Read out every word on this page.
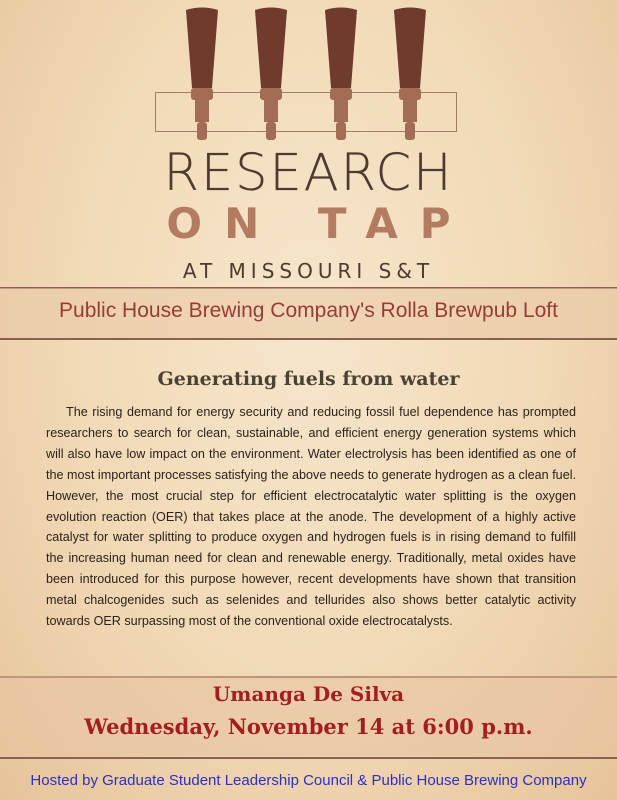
RESEARCH
ON TAP
AT MISSOURI S&T
Public House Brewing Company's Rolla Brewpub Loft
Generating fuels from water

The rising demand for energy security and reducing fossil fuel dependence has prompted researchers to search for clean, sustainable, and efficient energy generation systems which will also have low impact on the environment. Water electrolysis has been identified as one of the most important processes satisfying the above needs to generate hydrogen as a clean fuel. However, the most crucial step for efficient electrocatalytic water splitting is the oxygen evolution reaction (OER) that takes place at the anode. The development of a highly active catalyst for water splitting to produce oxygen and hydrogen fuels is in rising demand to fulfill the increasing human need for clean and renewable energy. Traditionally, metal oxides have been introduced for this purpose however, recent developments have shown that transition metal chalcogenides such as selenides and tellurides also shows better catalytic activity towards OER surpassing most of the conventional oxide electrocatalysts.

Umanga De Silva
Wednesday, November 14 at 6:00 p.m.
Hosted by Graduate Student Leadership Council & Public House Brewing Company
